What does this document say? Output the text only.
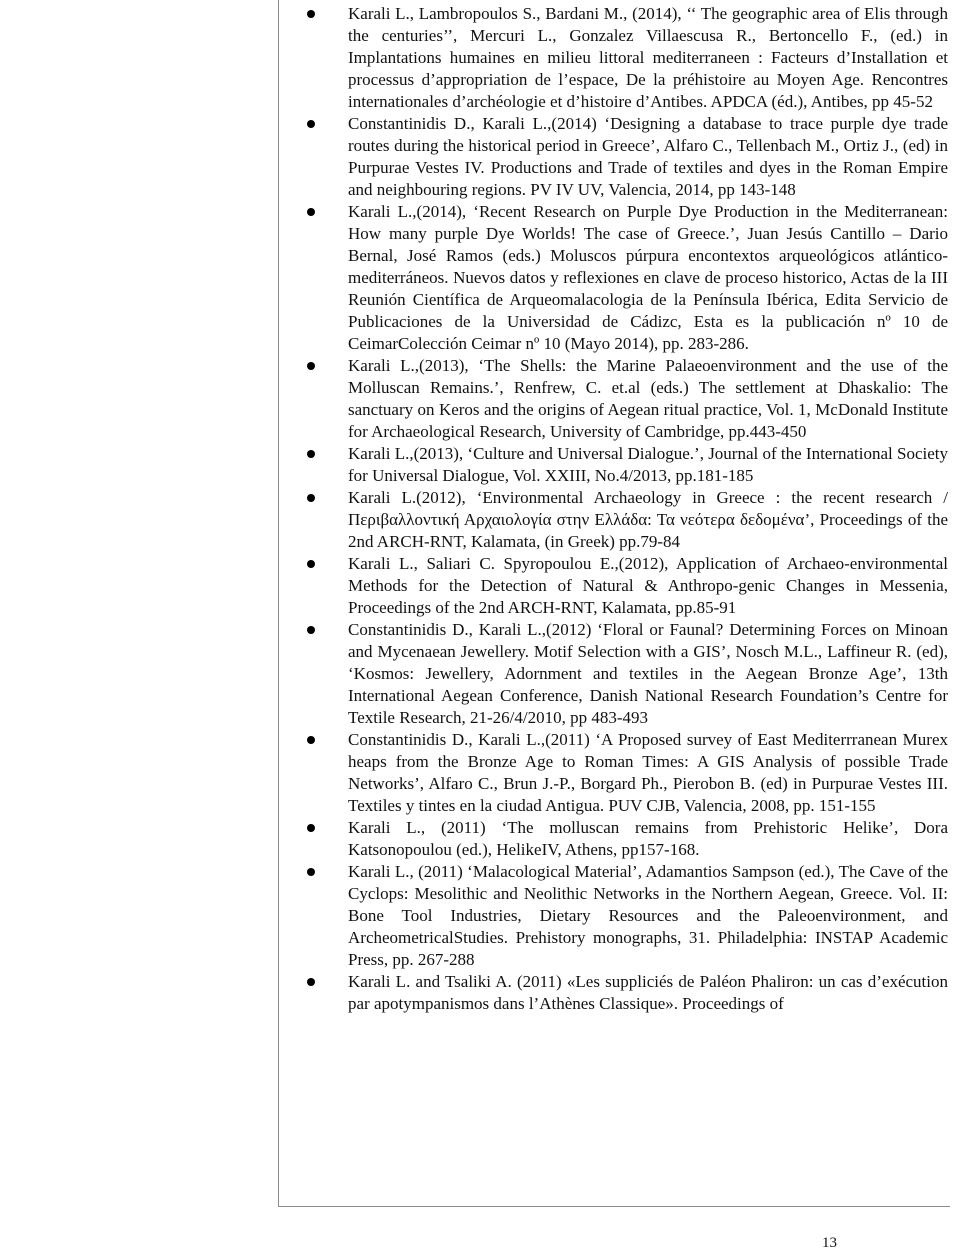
Karali L., Lambropoulos S., Bardani M., (2014), ‘‘ The geographic area of Elis through the centuries’’, Mercuri L., Gonzalez Villaescusa R., Bertoncello F., (ed.) in Implantations humaines en milieu littoral mediterraneen : Facteurs d’Installation et processus d’appropriation de l’espace, De la préhistoire au Moyen Age. Rencontres internationales d’archéologie et d’histoire d’Antibes. APDCA (éd.), Antibes, pp 45-52
Constantinidis D., Karali L.,(2014) ‘Designing a database to trace purple dye trade routes during the historical period in Greece’, Alfaro C., Tellenbach M., Ortiz J., (ed) in Purpurae Vestes IV. Productions and Trade of textiles and dyes in the Roman Empire and neighbouring regions. PV IV UV, Valencia, 2014, pp 143-148
Karali L.,(2014), ‘Recent Research on Purple Dye Production in the Mediterranean: How many purple Dye Worlds! The case of Greece.’, Juan Jesús Cantillo – Dario Bernal, José Ramos (eds.) Moluscos púrpura encontextos arqueológicos atlántico-mediterráneos. Nuevos datos y reflexiones en clave de proceso historico, Actas de la III Reunión Científica de Arqueomalacologia de la Península Ibérica, Edita Servicio de Publicaciones de la Universidad de Cádizc, Esta es la publicación nº 10 de CeimarColección Ceimar nº 10 (Mayo 2014), pp. 283-286.
Karali L.,(2013), ‘The Shells: the Marine Palaeoenvironment and the use of the Molluscan Remains.’, Renfrew, C. et.al (eds.) The settlement at Dhaskalio: The sanctuary on Keros and the origins of Aegean ritual practice, Vol. 1, McDonald Institute for Archaeological Research, University of Cambridge, pp.443-450
Karali L.,(2013), ‘Culture and Universal Dialogue.’, Journal of the International Society for Universal Dialogue, Vol. XXIII, No.4/2013, pp.181-185
Karali L.(2012), ‘Environmental Archaeology in Greece : the recent research / Περιβαλλοντική Αρχαιολογία στην Ελλάδα: Τα νεότερα δεδομένα’, Proceedings of the 2nd ARCH-RNT, Kalamata, (in Greek) pp.79-84
Karali L., Saliari C. Spyropoulou E.,(2012), Application of Archaeo-environmental Methods for the Detection of Natural & Anthropo-genic Changes in Messenia, Proceedings of the 2nd ARCH-RNT, Kalamata, pp.85-91
Constantinidis D., Karali L.,(2012) ‘Floral or Faunal? Determining Forces on Minoan and Mycenaean Jewellery. Motif Selection with a GIS’, Nosch M.L., Laffineur R. (ed), ‘Kosmos: Jewellery, Adornment and textiles in the Aegean Bronze Age’, 13th International Aegean Conference, Danish National Research Foundation’s Centre for Textile Research, 21-26/4/2010, pp 483-493
Constantinidis D., Karali L.,(2011) ‘A Proposed survey of East Mediterrranean Murex heaps from the Bronze Age to Roman Times: A GIS Analysis of possible Trade Networks’, Alfaro C., Brun J.-P., Borgard Ph., Pierobon B. (ed) in Purpurae Vestes III. Textiles y tintes en la ciudad Antigua. PUV CJB, Valencia, 2008, pp. 151-155
Karali L., (2011) ‘The molluscan remains from Prehistoric Helike’, Dora Katsonopoulou (ed.), HelikeIV, Athens, pp157-168.
Karali L., (2011) ‘Malacological Material’, Adamantios Sampson (ed.), The Cave of the Cyclops: Mesolithic and Neolithic Networks in the Northern Aegean, Greece. Vol. II: Bone Tool Industries, Dietary Resources and the Paleoenvironment, and ArcheometricalStudies. Prehistory monographs, 31. Philadelphia: INSTAP Academic Press, pp. 267-288
Karali L. and Tsaliki A. (2011) «Les suppliciés de Paléon Phaliron: un cas d’exécution par apotympanismos dans l’Athènes Classique». Proceedings of
13
